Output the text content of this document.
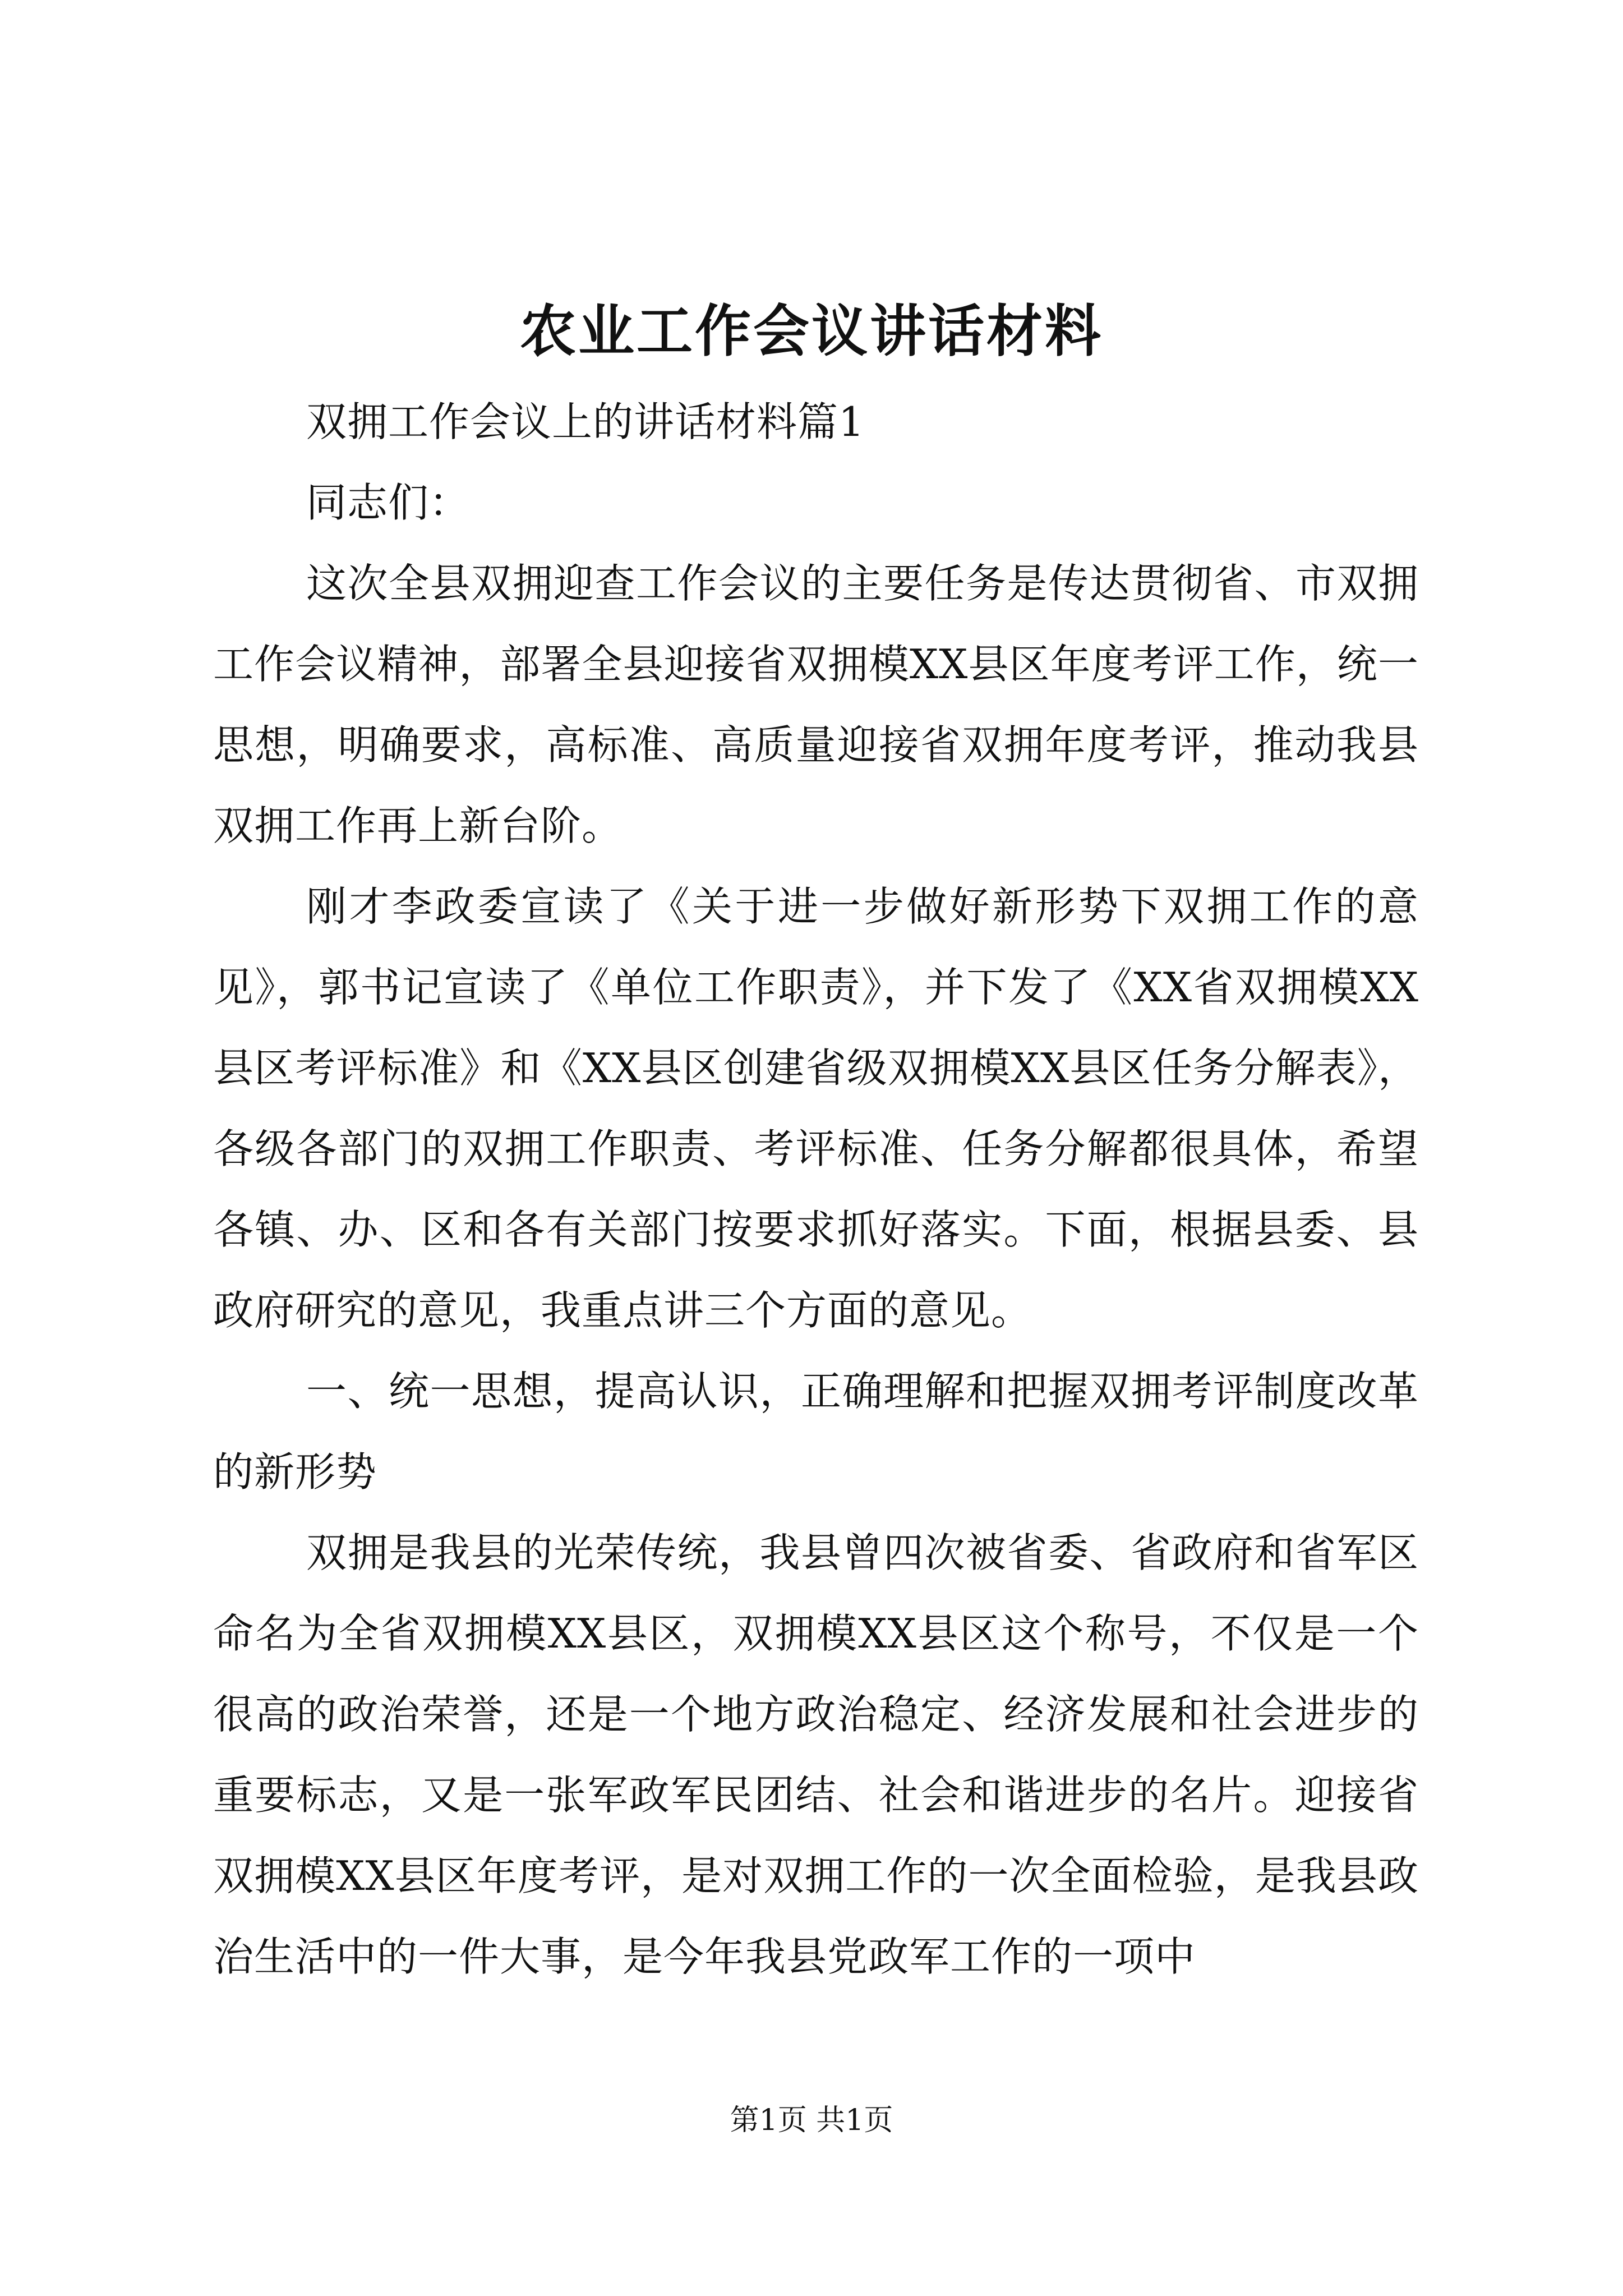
农业工作会议讲话材料

双拥工作会议上的讲话材料篇1

同志们：

这次全县双拥迎查工作会议的主要任务是传达贯彻省、市双拥工作会议精神，部署全县迎接省双拥模XX县区年度考评工作，统一思想，明确要求，高标准、高质量迎接省双拥年度考评，推动我县双拥工作再上新台阶。

刚才李政委宣读了《关于进一步做好新形势下双拥工作的意见》，郭书记宣读了《单位工作职责》，并下发了《XX省双拥模XX县区考评标准》和《XX县区创建省级双拥模XX县区任务分解表》，各级各部门的双拥工作职责、考评标准、任务分解都很具体，希望各镇、办、区和各有关部门按要求抓好落实。下面，根据县委、县政府研究的意见，我重点讲三个方面的意见。

一、统一思想，提高认识，正确理解和把握双拥考评制度改革的新形势

双拥是我县的光荣传统，我县曾四次被省委、省政府和省军区命名为全省双拥模XX县区，双拥模XX县区这个称号，不仅是一个很高的政治荣誉，还是一个地方政治稳定、经济发展和社会进步的重要标志，又是一张军政军民团结、社会和谐进步的名片。迎接省双拥模XX县区年度考评，是对双拥工作的一次全面检验，是我县政治生活中的一件大事，是今年我县党政军工作的一项中

第1页 共1页
